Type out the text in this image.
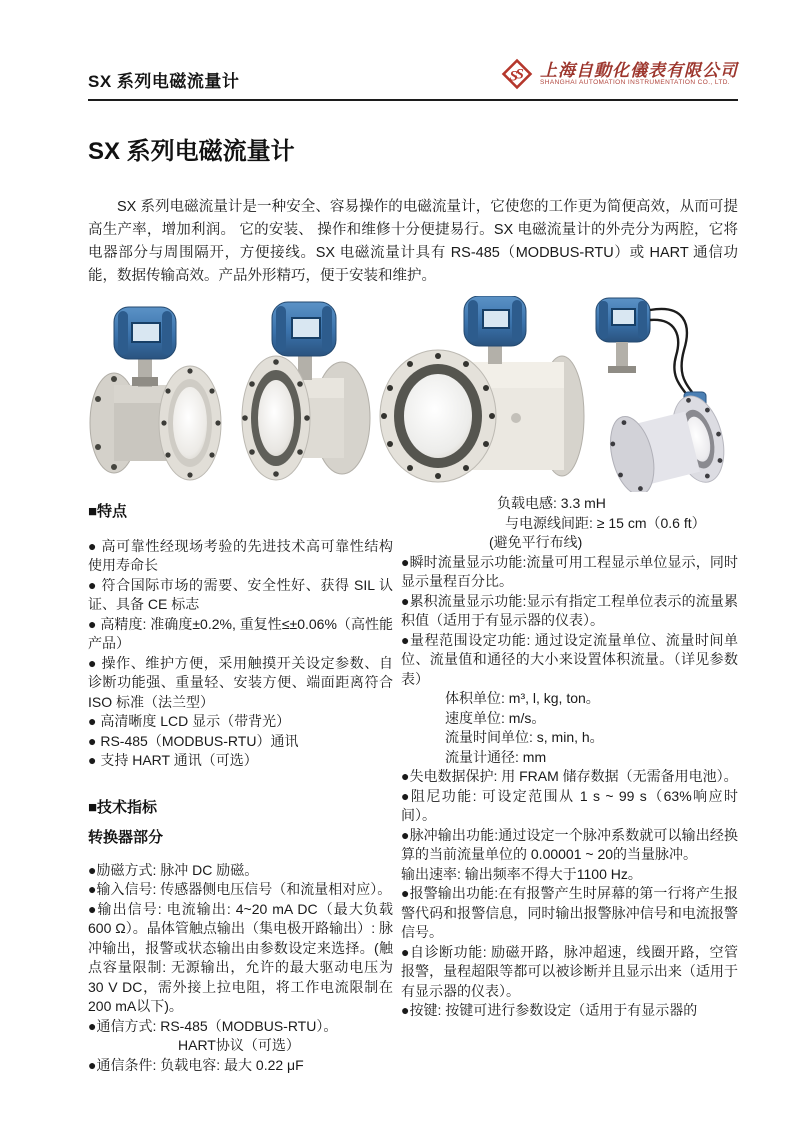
SX 系列电磁流量计	S
S 上海自動化儀表有限公司
SHANGHAI AUTOMATION INSTRUMENTATION CO., LTD.
SX 系列电磁流量计

SX 系列电磁流量计是一种安全、容易操作的电磁流量计，它使您的工作更为简便高效，从而可提高生产率，增加利润。 它的安装、 操作和维修十分便捷易行。SX 电磁流量计的外壳分为两腔，它将电器部分与周围隔开，方便接线。SX 电磁流量计具有 RS-485（MODBUS-RTU）或 HART 通信功能，数据传输高效。产品外形精巧，便于安装和维护。

■特点

● 高可靠性经现场考验的先进技术高可靠性结构使用寿命长

● 符合国际市场的需要、安全性好、获得 SIL 认证、具备 CE 标志

● 高精度: 准确度±0.2%, 重复性≤±0.06%（高性能产品）

● 操作、维护方便，采用触摸开关设定参数、自诊断功能强、重量轻、安装方便、端面距离符合 ISO 标准（法兰型）

● 高清晰度 LCD 显示（带背光）

● RS-485（MODBUS-RTU）通讯

● 支持 HART 通讯（可选）

■技术指标
转换器部分

●励磁方式: 脉冲 DC 励磁。

●输入信号: 传感器侧电压信号（和流量相对应）。

●输出信号: 电流输出: 4~20 mA DC（最大负载 600 Ω）。晶体管触点输出（集电极开路输出）: 脉冲输出，报警或状态输出由参数设定来选择。(触点容量限制: 无源输出，允许的最大驱动电压为 30 V DC，需外接上拉电阻，将工作电流限制在200 mA以下)。

●通信方式: RS-485（MODBUS-RTU）。

HART协议（可选）

●通信条件: 负载电容: 最大 0.22 μF

负载电感: 3.3 mH

与电源线间距: ≥ 15 cm（0.6 ft）

(避免平行布线)

●瞬时流量显示功能:流量可用工程显示单位显示，同时显示量程百分比。

●累积流量显示功能:显示有指定工程单位表示的流量累积值（适用于有显示器的仪表）。

●量程范围设定功能: 通过设定流量单位、流量时间单位、流量值和通径的大小来设置体积流量。（详见参数表）

体积单位: m³, l, kg, ton。

速度单位: m/s。

流量时间单位: s, min, h。

流量计通径: mm

●失电数据保护: 用 FRAM 储存数据（无需备用电池）。

●阻尼功能: 可设定范围从 1 s ~ 99 s（63%响应时间）。

●脉冲输出功能:通过设定一个脉冲系数就可以输出经换算的当前流量单位的 0.00001 ~ 20的当量脉冲。

输出速率: 输出频率不得大于1100 Hz。

●报警输出功能:在有报警产生时屏幕的第一行将产生报警代码和报警信息，同时输出报警脉冲信号和电流报警信号。

●自诊断功能: 励磁开路，脉冲超速，线圈开路，空管报警，量程超限等都可以被诊断并且显示出来（适用于有显示器的仪表）。

●按键: 按键可进行参数设定（适用于有显示器的
